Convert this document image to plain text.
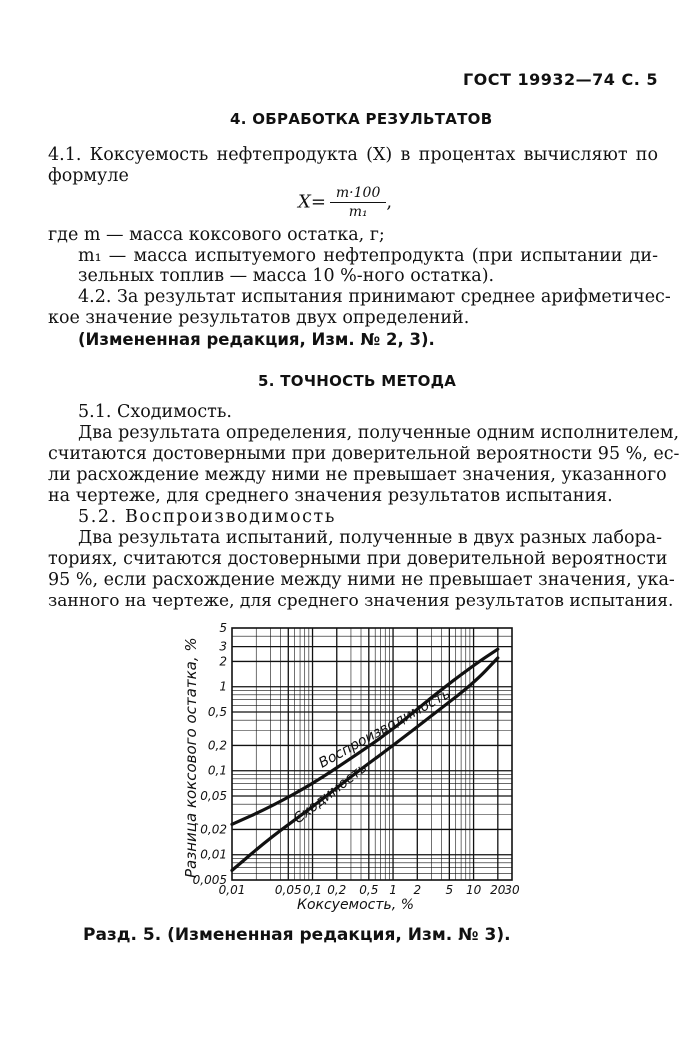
ГОСТ 19932—74 С. 5
4. ОБРАБОТКА РЕЗУЛЬТАТОВ
4.1. Коксуемость нефтепродукта (X) в процентах вычисляют по
формуле
$X= \frac{m\cdot 100}{\text{m₁}}$ ,
где m — масса коксового остатка, г;
m₁ — масса испытуемого нефтепродукта (при испытании ди-
зельных топлив — масса 10 %-ного остатка).
4.2. За результат испытания принимают среднее арифметичес-
кое значение результатов двух определений.
(Измененная редакция, Изм. № 2, 3).
5. ТОЧНОСТЬ МЕТОДА
5.1. Сходимость.
Два результата определения, полученные одним исполнителем,
считаются достоверными при доверительной вероятности 95 %, ес-
ли расхождение между ними не превышает значения, указанного
на чертеже, для среднего значения результатов испытания.
5.2. Воспроизводимость
Два результата испытаний, полученные в двух разных лабора-
ториях, считаются достоверными при доверительной вероятности
95 %, если расхождение между ними не превышает значения, ука-
занного на чертеже, для среднего значения результатов испытания.
0,01 0,05 0,1 0,2 0,5 1 2 5 10 20
30
0,005
0,01
0,02
0,05
0,1
0,2
0,5
1
2
3
5
Разница коксового остатка, %
Коксуемость, %
Воспроизводимость
Сходимость
Разд. 5. (Измененная редакция, Изм. № 3).
